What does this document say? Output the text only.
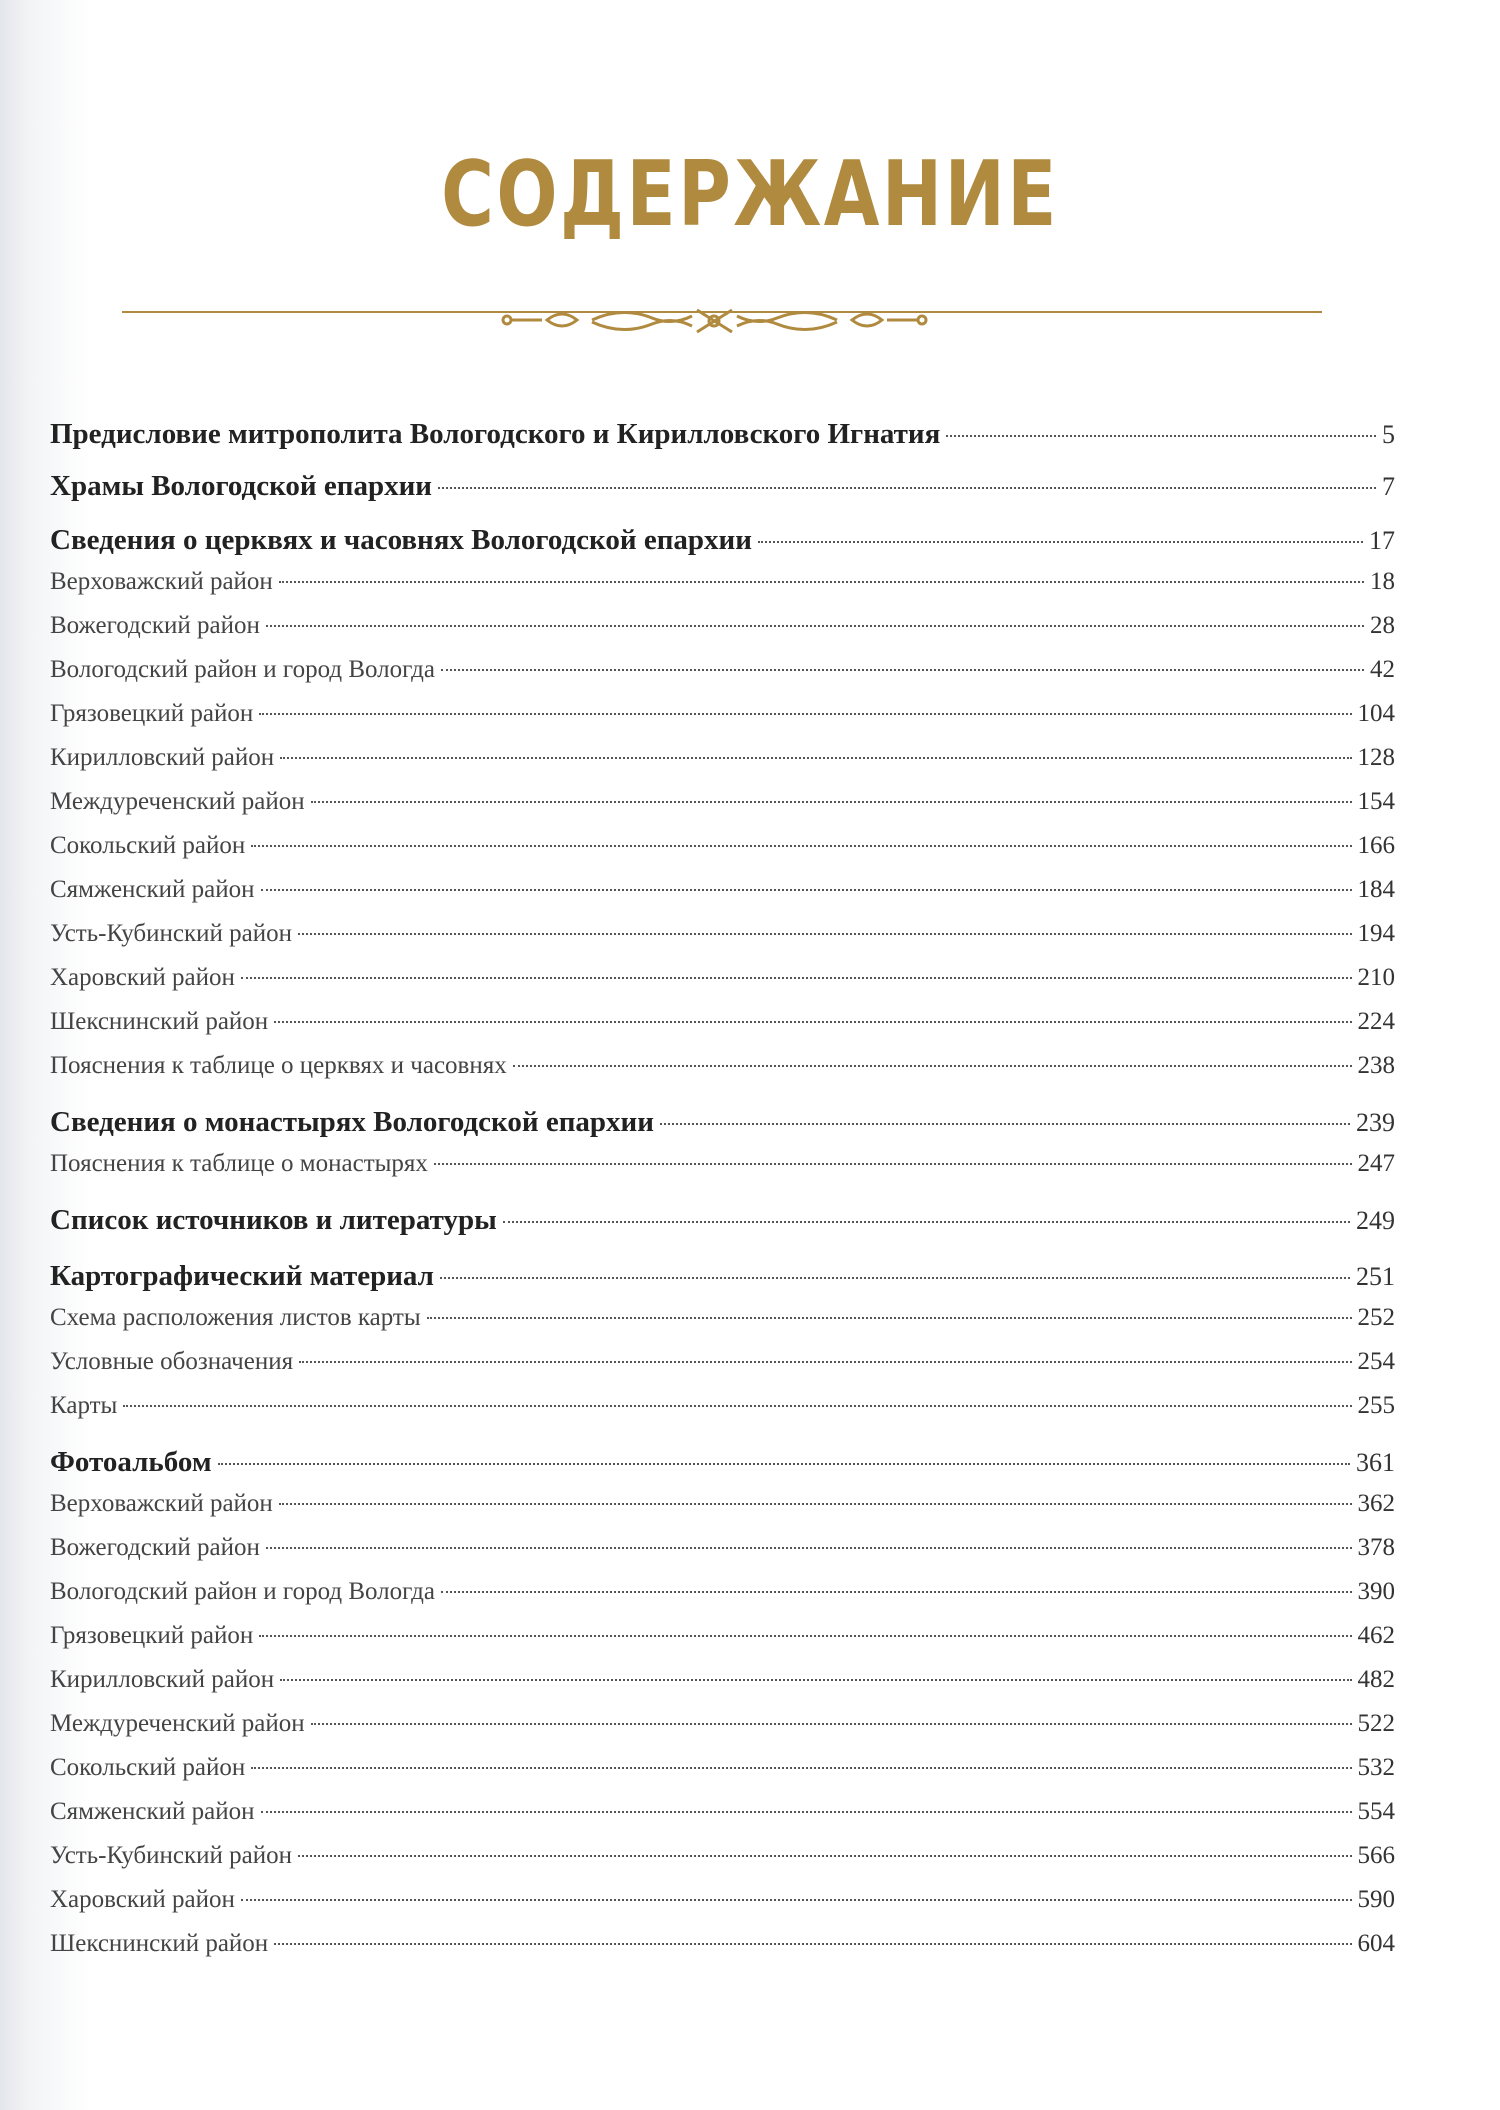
СОДЕРЖАНИЕ
Предисловие митрополита Вологодского и Кирилловского Игнатия	5
Храмы Вологодской епархии	7
Сведения о церквях и часовнях Вологодской епархии	17
Верховажский район	18
Вожегодский район	28
Вологодский район и город Вологда	42
Грязовецкий район	104
Кирилловский район	128
Междуреченский район	154
Сокольский район	166
Сямженский район	184
Усть-Кубинский район	194
Харовский район	210
Шекснинский район	224
Пояснения к таблице о церквях и часовнях	238
Сведения о монастырях Вологодской епархии	239
Пояснения к таблице о монастырях	247
Список источников и литературы	249
Картографический материал	251
Схема расположения листов карты	252
Условные обозначения	254
Карты	255
Фотоальбом	361
Верховажский район	362
Вожегодский район	378
Вологодский район и город Вологда	390
Грязовецкий район	462
Кирилловский район	482
Междуреченский район	522
Сокольский район	532
Сямженский район	554
Усть-Кубинский район	566
Харовский район	590
Шекснинский район	604
